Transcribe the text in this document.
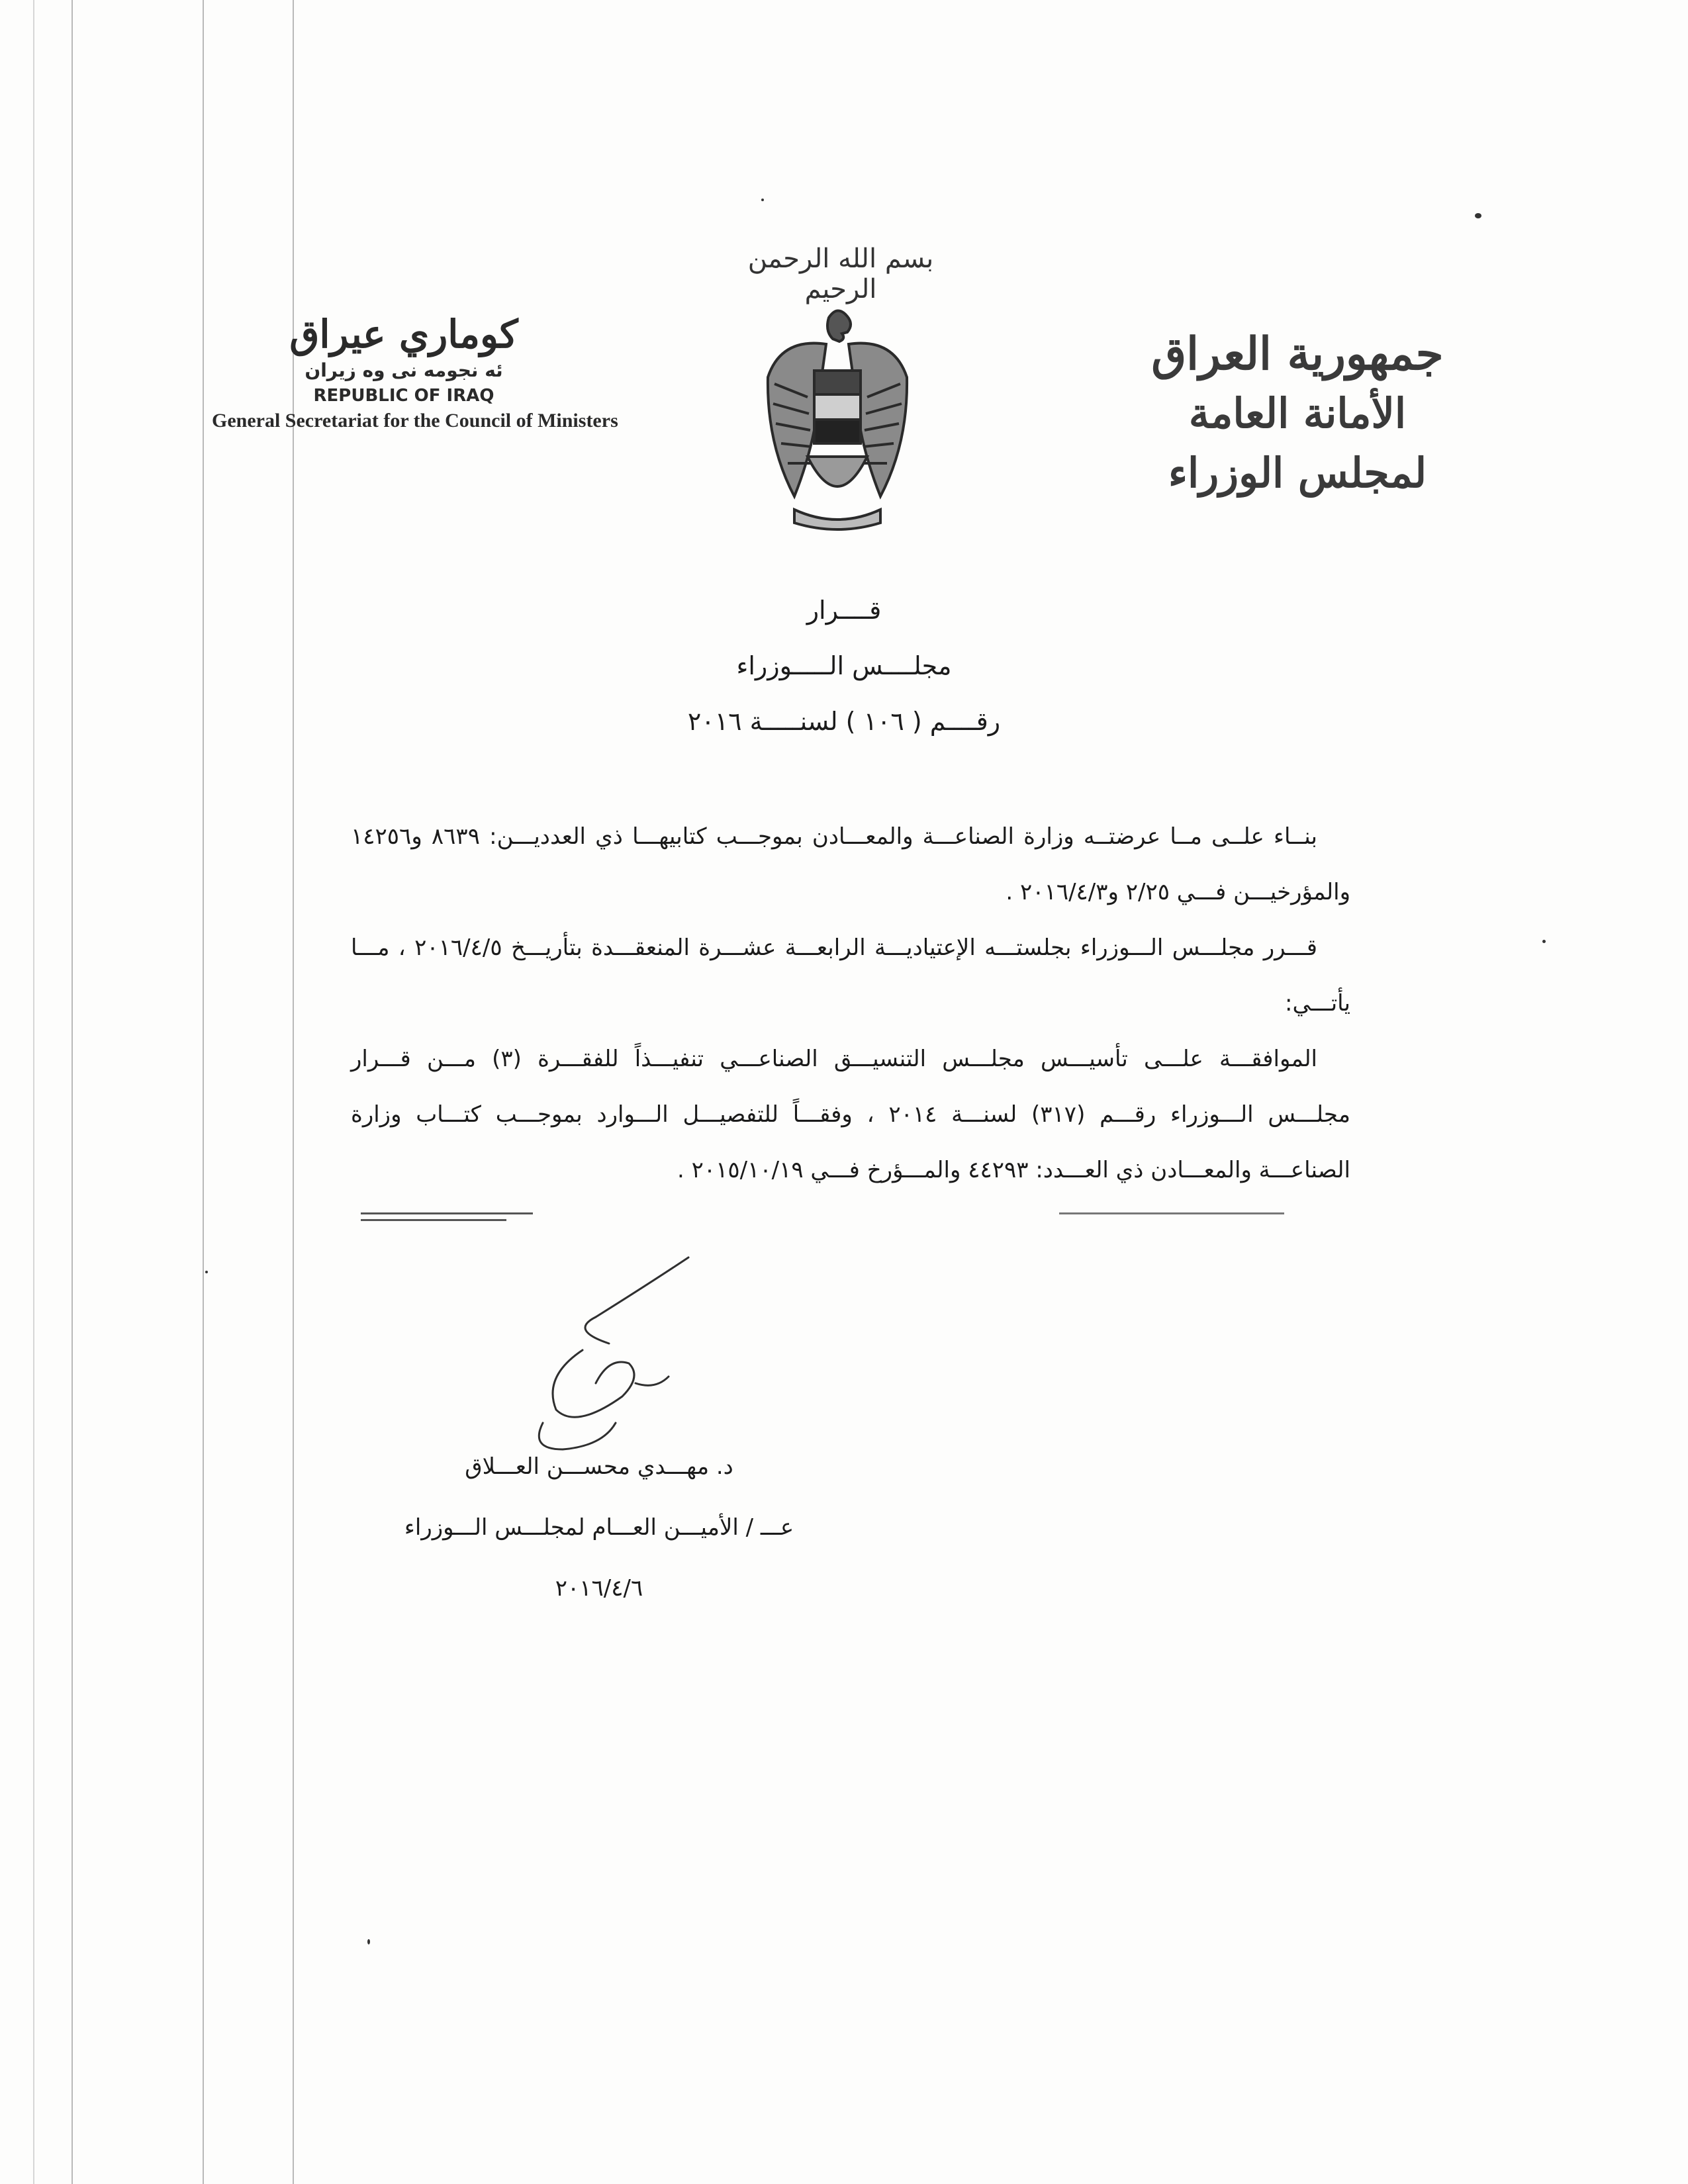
بسم الله الرحمن الرحيم
جمهورية العراق
الأمانة العامة لمجلس الوزراء
كوماري عيراق
ئه نجومه نى وه زيران
REPUBLIC OF IRAQ
General Secretariat for the Council of Ministers
قــــرار
مجلــــس الـــــوزراء
رقــــم ( ١٠٦ ) لسنـــــة ٢٠١٦

بنــاء علــى مــا عرضتــه وزارة الصناعـــة والمعـــادن بموجـــب كتابيهـــا ذي العدديـــن: ٨٦٣٩ و١٤٢٥٦ والمؤرخيـــن فـــي ٢/٢٥ و٢٠١٦/٤/٣ .

قـــرر مجلـــس الـــوزراء بجلستـــه الإعتياديـــة الرابعـــة عشـــرة المنعقـــدة بتأريـــخ ٢٠١٦/٤/٥ ، مـــا يأتـــي:

الموافقـــة علـــى تأسيـــس مجلـــس التنسيـــق الصناعـــي تنفيـــذاً للفقـــرة (٣) مـــن قـــرار مجلـــس الـــوزراء رقـــم (٣١٧) لسنـــة ٢٠١٤ ، وفقـــاً للتفصيـــل الـــوارد بموجـــب كتـــاب وزارة الصناعـــة والمعـــادن ذي العـــدد: ٤٤٢٩٣ والمـــؤرخ فـــي ٢٠١٥/١٠/١٩ .

د. مهـــدي محســـن العـــلاق
عـــ / الأميـــن العـــام لمجلـــس الـــوزراء
٢٠١٦/٤/٦
